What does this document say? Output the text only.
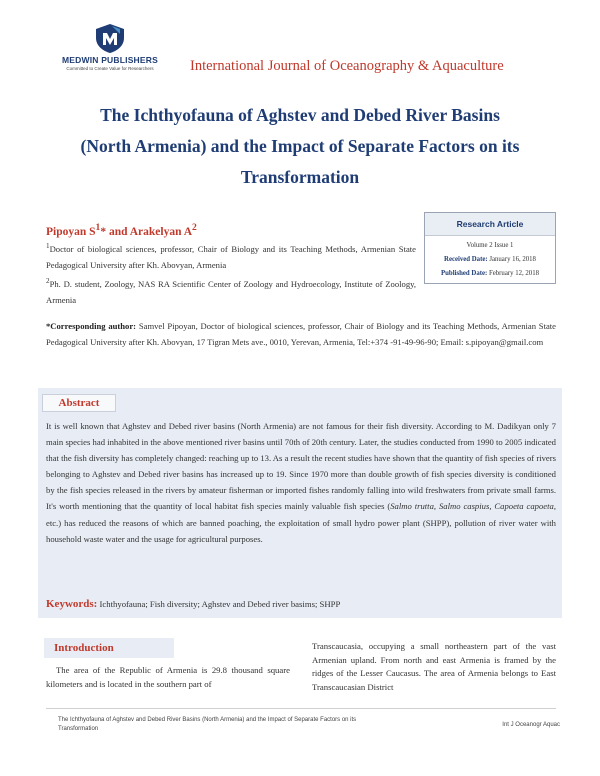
MEDWIN PUBLISHERS
Committed to Create Value for Researchers	International Journal of Oceanography & Aquaculture
The Ichthyofauna of Aghstev and Debed River Basins
(North Armenia) and the Impact of Separate Factors on its
Transformation
Pipoyan $S^1*$ and Arakelyan $A^2$
$^1$Doctor of biological sciences, professor, Chair of Biology and its Teaching Methods, Armenian State Pedagogical University after Kh. Abovyan, Armenia
$^2$Ph. D. student, Zoology, NAS RA Scientific Center of Zoology and Hydroecology, Institute of Zoology, Armenia
Research Article
Volume 2 Issue 1
Received Date: January 16, 2018
Published Date: February 12, 2018
*Corresponding author: Samvel Pipoyan, Doctor of biological sciences, professor, Chair of Biology and its Teaching Methods, Armenian State Pedagogical University after Kh. Abovyan, 17 Tigran Mets ave., 0010, Yerevan, Armenia, Tel:+374 -91-49-96-90; Email: s.pipoyan@gmail.com
Abstract
It is well known that Aghstev and Debed river basins (North Armenia) are not famous for their fish diversity. According to M. Dadikyan only 7 main species had inhabited in the above mentioned river basins until 70th of 20th century. Later, the studies conducted from 1990 to 2005 indicated that the fish diversity has completely changed: reaching up to 13. As a result the recent studies have shown that the quantity of fish species of rivers belonging to Aghstev and Debed river basins has increased up to 19. Since 1970 more than double growth of fish species diversity is conditioned by the fish species released in the rivers by amateur fisherman or imported fishes randomly falling into wild freshwaters from private small farms. It's worth mentioning that the quantity of local habitat fish species mainly valuable fish species (Salmo trutta, Salmo caspius, Capoeta capoeta, etc.) has reduced the reasons of which are banned poaching, the exploitation of small hydro power plant (SHPP), pollution of river water with household waste water and the usage for agricultural purposes.
Keywords: Ichthyofauna; Fish diversity; Aghstev and Debed river basims; SHPP
Introduction
The area of the Republic of Armenia is 29.8 thousand square kilometers and is located in the southern part of
Transcaucasia, occupying a small northeastern part of the vast Armenian upland. From north and east Armenia is framed by the ridges of the Lesser Caucasus. The area of Armenia belongs to East Transcaucasian District
The Ichthyofauna of Aghstev and Debed River Basins (North Armenia) and the Impact of Separate Factors on its Transformation
Int J Oceanogr Aquac
